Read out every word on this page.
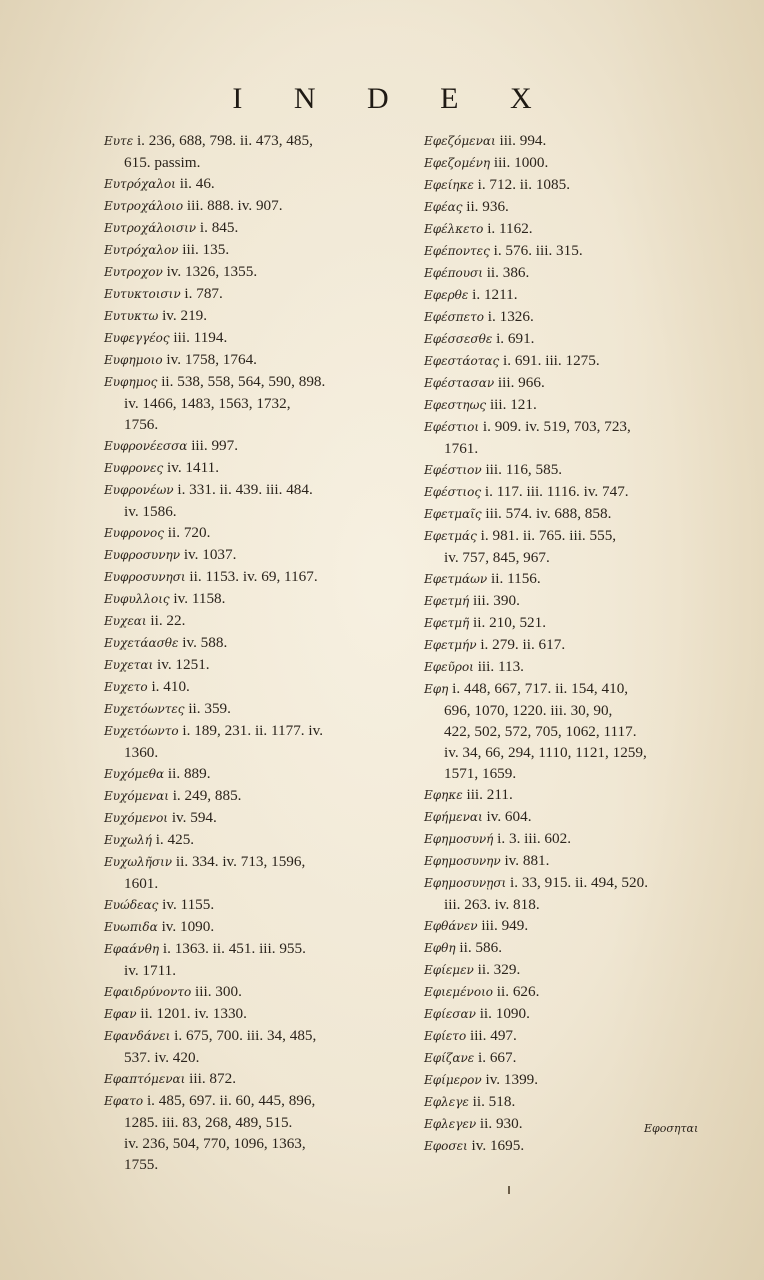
I N D E X
Ευτε i. 236, 688, 798. ii. 473, 485,
615. passim.
Ευτρόχαλοι ii. 46.
Ευτροχάλοιο iii. 888. iv. 907.
Ευτροχάλοισιν i. 845.
Ευτρόχαλον iii. 135.
Ευτροχον iv. 1326, 1355.
Ευτυκτοισιν i. 787.
Ευτυκτω iv. 219.
Ευφεγγέος iii. 1194.
Ευφημοιο iv. 1758, 1764.
Ευφημος ii. 538, 558, 564, 590, 898.
iv. 1466, 1483, 1563, 1732,
1756.
Ευφρονέεσσα iii. 997.
Ευφρονες iv. 1411.
Ευφρονέων i. 331. ii. 439. iii. 484.
iv. 1586.
Ευφρονος ii. 720.
Ευφροσυνην iv. 1037.
Ευφροσυνησι ii. 1153. iv. 69, 1167.
Ευφυλλοις iv. 1158.
Ευχεαι ii. 22.
Ευχετάασθε iv. 588.
Ευχεται iv. 1251.
Ευχετο i. 410.
Ευχετόωντες ii. 359.
Ευχετόωντο i. 189, 231. ii. 1177. iv.
1360.
Ευχόμεθα ii. 889.
Ευχόμεναι i. 249, 885.
Ευχόμενοι iv. 594.
Ευχωλή i. 425.
Ευχωλῆσιν ii. 334. iv. 713, 1596,
1601.
Ευώδεας iv. 1155.
Ευωπιδα iv. 1090.
Εφαάνθη i. 1363. ii. 451. iii. 955.
iv. 1711.
Εφαιδρύνοντο iii. 300.
Εφαν ii. 1201. iv. 1330.
Εφανδάνει i. 675, 700. iii. 34, 485,
537. iv. 420.
Εφαπτόμεναι iii. 872.
Εφατο i. 485, 697. ii. 60, 445, 896,
1285. iii. 83, 268, 489, 515.
iv. 236, 504, 770, 1096, 1363,
1755.
Εφεζόμεναι iii. 994.
Εφεζομένη iii. 1000.
Εφείηκε i. 712. ii. 1085.
Εφέας ii. 936.
Εφέλκετο i. 1162.
Εφέποντες i. 576. iii. 315.
Εφέπουσι ii. 386.
Εφερθε i. 1211.
Εφέσπετο i. 1326.
Εφέσσεσθε i. 691.
Εφεστάοτας i. 691. iii. 1275.
Εφέστασαν iii. 966.
Εφεστηως iii. 121.
Εφέστιοι i. 909. iv. 519, 703, 723,
1761.
Εφέστιον iii. 116, 585.
Εφέστιος i. 117. iii. 1116. iv. 747.
Εφετμαῖς iii. 574. iv. 688, 858.
Εφετμάς i. 981. ii. 765. iii. 555,
iv. 757, 845, 967.
Εφετμάων ii. 1156.
Εφετμή iii. 390.
Εφετμῆ ii. 210, 521.
Εφετμήν i. 279. ii. 617.
Εφεῦροι iii. 113.
Εφη i. 448, 667, 717. ii. 154, 410,
696, 1070, 1220. iii. 30, 90,
422, 502, 572, 705, 1062, 1117.
iv. 34, 66, 294, 1110, 1121, 1259,
1571, 1659.
Εφηκε iii. 211.
Εφήμεναι iv. 604.
Εφημοσυνή i. 3. iii. 602.
Εφημοσυνην iv. 881.
Εφημοσυνῃσι i. 33, 915. ii. 494, 520.
iii. 263. iv. 818.
Εφθάνεν iii. 949.
Εφθη ii. 586.
Εφίεμεν ii. 329.
Εφιεμένοιο ii. 626.
Εφίεσαν ii. 1090.
Εφίετο iii. 497.
Εφίζανε i. 667.
Εφίμερον iv. 1399.
Εφλεγε ii. 518.
Εφλεγεν ii. 930.
Εφοσει iv. 1695.
Εφοσηται
